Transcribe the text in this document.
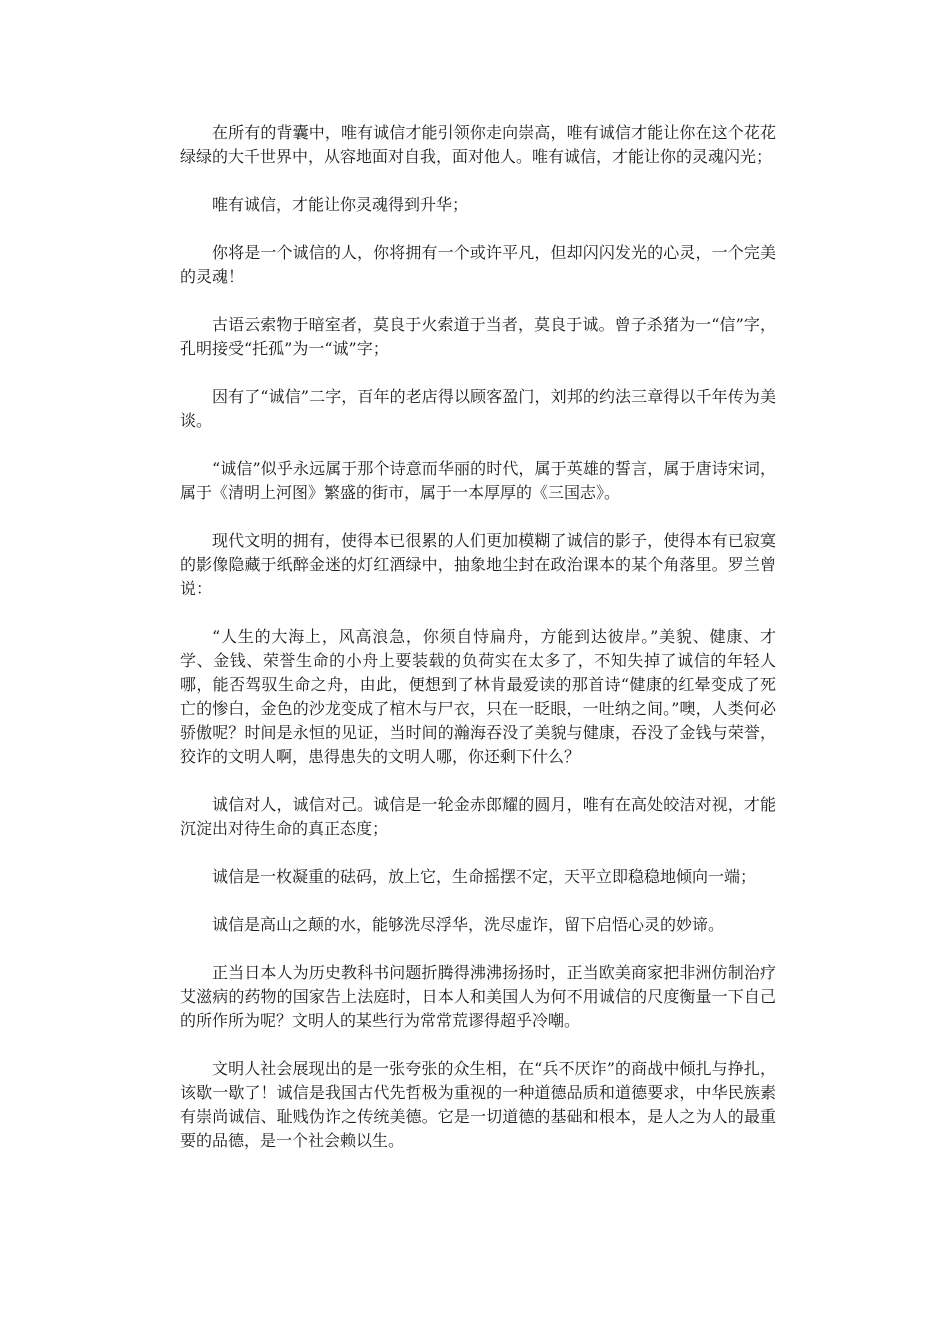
在所有的背囊中，唯有诚信才能引领你走向崇高，唯有诚信才能让你在这个花花绿绿的大千世界中，从容地面对自我，面对他人。唯有诚信，才能让你的灵魂闪光；

唯有诚信，才能让你灵魂得到升华；

你将是一个诚信的人，你将拥有一个或许平凡，但却闪闪发光的心灵，一个完美的灵魂！

古语云索物于暗室者，莫良于火索道于当者，莫良于诚。曾子杀猪为一“信”字，孔明接受“托孤”为一“诚”字；

因有了“诚信”二字，百年的老店得以顾客盈门，刘邦的约法三章得以千年传为美谈。

“诚信”似乎永远属于那个诗意而华丽的时代，属于英雄的誓言，属于唐诗宋词，属于《清明上河图》繁盛的街市，属于一本厚厚的《三国志》。

现代文明的拥有，使得本已很累的人们更加模糊了诚信的影子，使得本有已寂寞的影像隐藏于纸醉金迷的灯红酒绿中，抽象地尘封在政治课本的某个角落里。罗兰曾说：

“人生的大海上，风高浪急，你须自恃扁舟，方能到达彼岸。”美貌、健康、才学、金钱、荣誉生命的小舟上要装载的负荷实在太多了，不知失掉了诚信的年轻人哪，能否驾驭生命之舟，由此，便想到了林肯最爱读的那首诗“健康的红晕变成了死亡的惨白，金色的沙龙变成了棺木与尸衣，只在一眨眼，一吐纳之间。”噢，人类何必骄傲呢？时间是永恒的见证，当时间的瀚海吞没了美貌与健康，吞没了金钱与荣誉，狡诈的文明人啊，患得患失的文明人哪，你还剩下什么？

诚信对人，诚信对己。诚信是一轮金赤郎耀的圆月，唯有在高处皎洁对视，才能沉淀出对待生命的真正态度；

诚信是一枚凝重的砝码，放上它，生命摇摆不定，天平立即稳稳地倾向一端；

诚信是高山之颠的水，能够洗尽浮华，洗尽虚诈，留下启悟心灵的妙谛。

正当日本人为历史教科书问题折腾得沸沸扬扬时，正当欧美商家把非洲仿制治疗艾滋病的药物的国家告上法庭时，日本人和美国人为何不用诚信的尺度衡量一下自己的所作所为呢？文明人的某些行为常常荒谬得超乎冷嘲。

文明人社会展现出的是一张夸张的众生相，在“兵不厌诈”的商战中倾扎与挣扎，该歇一歇了！诚信是我国古代先哲极为重视的一种道德品质和道德要求，中华民族素有崇尚诚信、耻贱伪诈之传统美德。它是一切道德的基础和根本，是人之为人的最重要的品德，是一个社会赖以生。
